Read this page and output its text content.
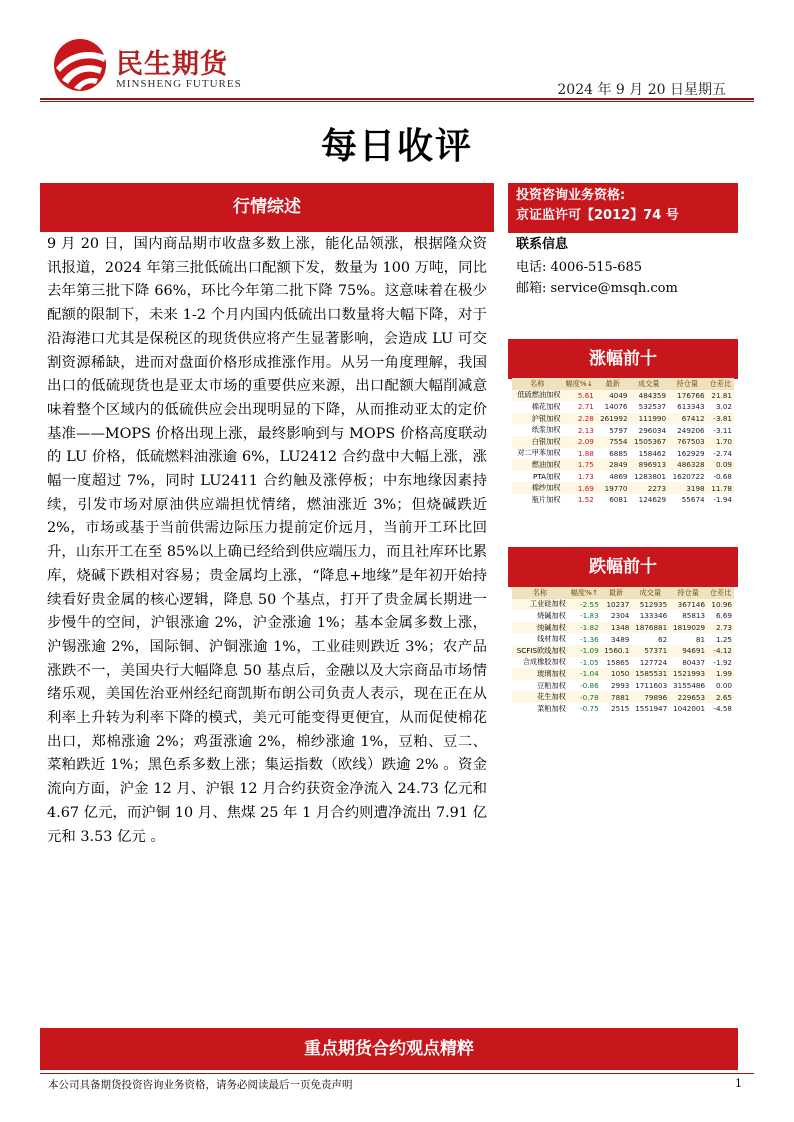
民生期货
MINSHENG FUTURES	2024 年 9 月 20 日星期五
每日收评
行情综述
9 月 20 日，国内商品期市收盘多数上涨，能化品领涨，根据隆众资讯报道，2024 年第三批低硫出口配额下发，数量为 100 万吨，同比去年第三批下降 66%，环比今年第二批下降 75%。这意味着在极少配额的限制下，未来 1-2 个月内国内低硫出口数量将大幅下降，对于沿海港口尤其是保税区的现货供应将产生显著影响，会造成 LU 可交割资源稀缺，进而对盘面价格形成推涨作用。从另一角度理解，我国出口的低硫现货也是亚太市场的重要供应来源，出口配额大幅削减意味着整个区域内的低硫供应会出现明显的下降，从而推动亚太的定价基准——MOPS 价格出现上涨，最终影响到与 MOPS 价格高度联动的 LU 价格，低硫燃料油涨逾 6%，LU2412 合约盘中大幅上涨，涨幅一度超过 7%，同时 LU2411 合约触及涨停板；中东地缘因素持续，引发市场对原油供应端担忧情绪，燃油涨近 3%；但烧碱跌近 2%，市场或基于当前供需边际压力提前定价远月，当前开工环比回升，山东开工在至 85%以上确已经给到供应端压力，而且社库环比累库，烧碱下跌相对容易；贵金属均上涨，“降息+地缘”是年初开始持续看好贵金属的核心逻辑，降息 50 个基点，打开了贵金属长期进一步慢牛的空间，沪银涨逾 2%，沪金涨逾 1%；基本金属多数上涨，沪锡涨逾 2%，国际铜、沪铜涨逾 1%，工业硅则跌近 3%；农产品涨跌不一，美国央行大幅降息 50 基点后，金融以及大宗商品市场情绪乐观，美国佐治亚州经纪商凯斯布朗公司负责人表示，现在正在从利率上升转为利率下降的模式，美元可能变得更便宜，从而促使棉花出口，郑棉涨逾 2%；鸡蛋涨逾 2%，棉纱涨逾 1%，豆粕、豆二、菜粕跌近 1%；黑色系多数上涨；集运指数（欧线）跌逾 2% 。资金流向方面，沪金 12 月、沪银 12 月合约获资金净流入 24.73 亿元和 4.67 亿元，而沪铜 10 月、焦煤 25 年 1 月合约则遭净流出 7.91 亿元和 3.53 亿元 。
投资咨询业务资格:
京证监许可【2012】74 号
联系信息
电话: 4006-515-685
邮箱: service@msqh.com
涨幅前十
名称	幅度%↓	最新	成交量	持仓量	仓差比
低硫燃油加权	5.61	4049	484359	176766	21.81
棉花加权	2.71	14076	532537	613343	3.02
沪银加权	2.28	261992	111990	67412	-3.81
纸浆加权	2.13	5797	296034	249206	-3.11
白银加权	2.09	7554	1505367	767503	1.70
对二甲苯加权	1.88	6885	158462	162929	-2.74
燃油加权	1.75	2849	896913	486328	0.09
PTA加权	1.73	4869	1283801	1620722	-0.68
棉纱加权	1.69	19770	2273	3198	11.78
瓶片加权	1.52	6081	124629	55674	-1.94
跌幅前十
名称	幅度%↑	最新	成交量	持仓量	仓差比
工业硅加权	-2.55	10237	512935	367146	10.96
烧碱加权	-1.83	2304	133346	85813	6.69
纯碱加权	-1.82	1348	1876881	1819029	2.73
线材加权	-1.36	3489	62	81	1.25
SCFIS欧线加权	-1.09	1560.1	57371	94691	-4.12
合成橡胶加权	-1.05	15865	127724	80437	-1.92
玻璃加权	-1.04	1050	1585531	1521993	1.99
豆粕加权	-0.86	2993	1711603	3155486	0.00
花生加权	-0.78	7881	79896	229653	2.65
菜粕加权	-0.75	2515	1551947	1042001	-4.58
重点期货合约观点精粹
本公司具备期货投资咨询业务资格，请务必阅读最后一页免责声明	1
